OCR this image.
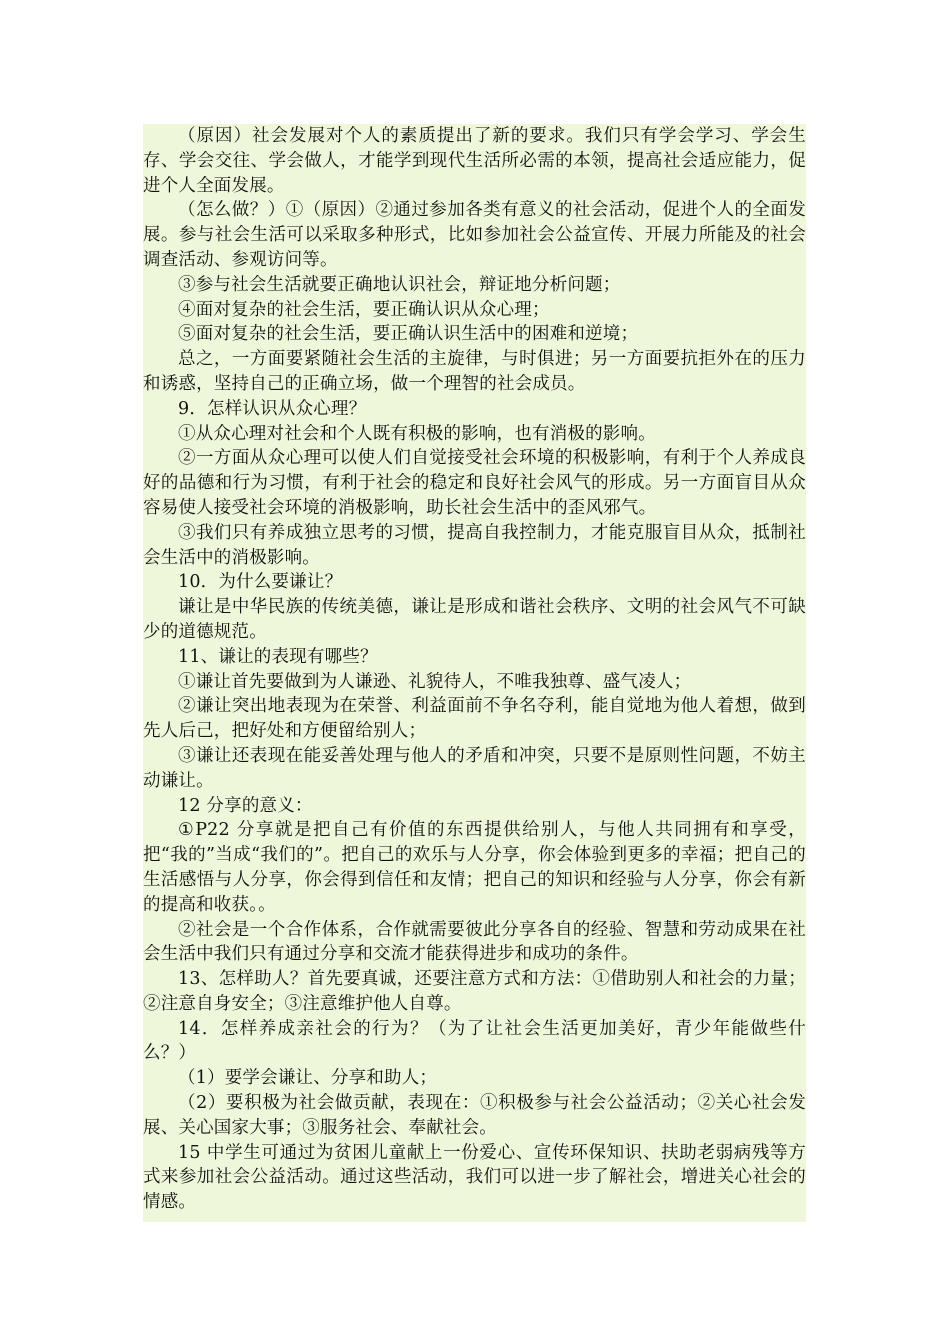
（原因）社会发展对个人的素质提出了新的要求。我们只有学会学习、学会生存、学会交往、学会做人，才能学到现代生活所必需的本领，提高社会适应能力，促进个人全面发展。

（怎么做？）①（原因）②通过参加各类有意义的社会活动，促进个人的全面发展。参与社会生活可以采取多种形式，比如参加社会公益宣传、开展力所能及的社会调查活动、参观访问等。

③参与社会生活就要正确地认识社会，辩证地分析问题；

④面对复杂的社会生活，要正确认识从众心理；

⑤面对复杂的社会生活，要正确认识生活中的困难和逆境；

总之，一方面要紧随社会生活的主旋律，与时俱进；另一方面要抗拒外在的压力和诱惑，坚持自己的正确立场，做一个理智的社会成员。

9．怎样认识从众心理？

①从众心理对社会和个人既有积极的影响，也有消极的影响。

②一方面从众心理可以使人们自觉接受社会环境的积极影响，有利于个人养成良好的品德和行为习惯，有利于社会的稳定和良好社会风气的形成。另一方面盲目从众容易使人接受社会环境的消极影响，助长社会生活中的歪风邪气。

③我们只有养成独立思考的习惯，提高自我控制力，才能克服盲目从众，抵制社会生活中的消极影响。

10．为什么要谦让？

谦让是中华民族的传统美德，谦让是形成和谐社会秩序、文明的社会风气不可缺少的道德规范。

11、谦让的表现有哪些？

①谦让首先要做到为人谦逊、礼貌待人，不唯我独尊、盛气凌人；

②谦让突出地表现为在荣誉、利益面前不争名夺利，能自觉地为他人着想，做到先人后己，把好处和方便留给别人；

③谦让还表现在能妥善处理与他人的矛盾和冲突，只要不是原则性问题，不妨主动谦让。

12 分享的意义：

①P22 分享就是把自己有价值的东西提供给别人，与他人共同拥有和享受，把“我的”当成“我们的”。把自己的欢乐与人分享，你会体验到更多的幸福；把自己的生活感悟与人分享，你会得到信任和友情；把自己的知识和经验与人分享，你会有新的提高和收获。。

②社会是一个合作体系，合作就需要彼此分享各自的经验、智慧和劳动成果在社会生活中我们只有通过分享和交流才能获得进步和成功的条件。

13、怎样助人？首先要真诚，还要注意方式和方法：①借助别人和社会的力量；②注意自身安全；③注意维护他人自尊。

14．怎样养成亲社会的行为？（为了让社会生活更加美好，青少年能做些什么？）

（1）要学会谦让、分享和助人；

（2）要积极为社会做贡献，表现在：①积极参与社会公益活动；②关心社会发展、关心国家大事；③服务社会、奉献社会。

15 中学生可通过为贫困儿童献上一份爱心、宣传环保知识、扶助老弱病残等方式来参加社会公益活动。通过这些活动，我们可以进一步了解社会，增进关心社会的情感。
